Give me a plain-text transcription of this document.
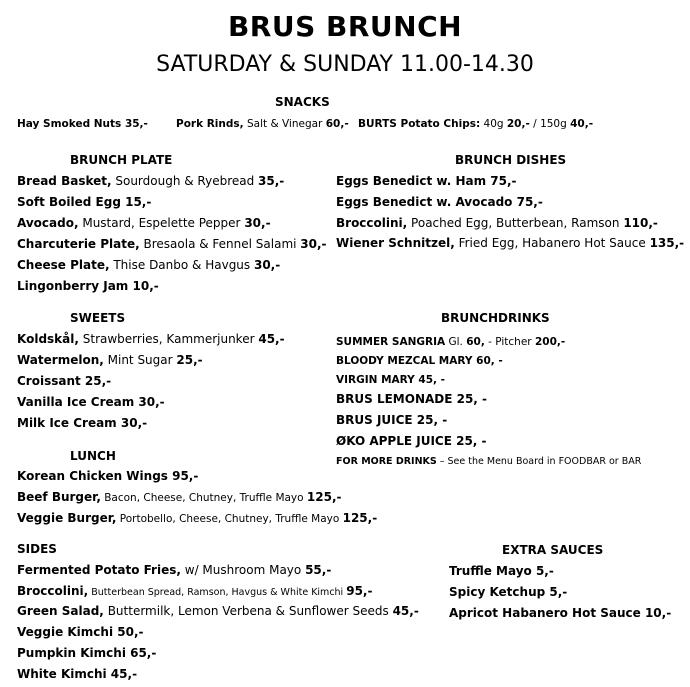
BRUS BRUNCH
SATURDAY & SUNDAY 11.00-14.30
SNACKS
Hay Smoked Nuts 35,-	Pork Rinds, Salt & Vinegar 60,- BURTS Potato Chips: 40g 20,- / 150g 40,-
BRUNCH PLATE
Bread Basket, Sourdough & Ryebread 35,-
Soft Boiled Egg 15,-
Avocado, Mustard, Espelette Pepper 30,-
Charcuterie Plate, Bresaola & Fennel Salami 30,-
Cheese Plate, Thise Danbo & Havgus 30,-
Lingonberry Jam 10,-
BRUNCH DISHES
Eggs Benedict w. Ham 75,-
Eggs Benedict w. Avocado 75,-
Broccolini, Poached Egg, Butterbean, Ramson 110,-
Wiener Schnitzel, Fried Egg, Habanero Hot Sauce 135,-
SWEETS
Koldskål, Strawberries, Kammerjunker 45,-
Watermelon, Mint Sugar 25,-
Croissant 25,-
Vanilla Ice Cream 30,-
Milk Ice Cream 30,-
BRUNCHDRINKS
SUMMER SANGRIA Gl. 60, - Pitcher 200,-
BLOODY MEZCAL MARY 60, -
VIRGIN MARY 45, -
BRUS LEMONADE 25, -
BRUS JUICE 25, -
ØKO APPLE JUICE 25, -
FOR MORE DRINKS – See the Menu Board in FOODBAR or BAR
LUNCH
Korean Chicken Wings 95,-
Beef Burger, Bacon, Cheese, Chutney, Truffle Mayo 125,-
Veggie Burger, Portobello, Cheese, Chutney, Truffle Mayo 125,-
SIDES
Fermented Potato Fries, w/ Mushroom Mayo 55,-
Broccolini, Butterbean Spread, Ramson, Havgus & White Kimchi 95,-
Green Salad, Buttermilk, Lemon Verbena & Sunflower Seeds 45,-
Veggie Kimchi 50,-
Pumpkin Kimchi 65,-
White Kimchi 45,-
EXTRA SAUCES
Truffle Mayo 5,-
Spicy Ketchup 5,-
Apricot Habanero Hot Sauce 10,-
